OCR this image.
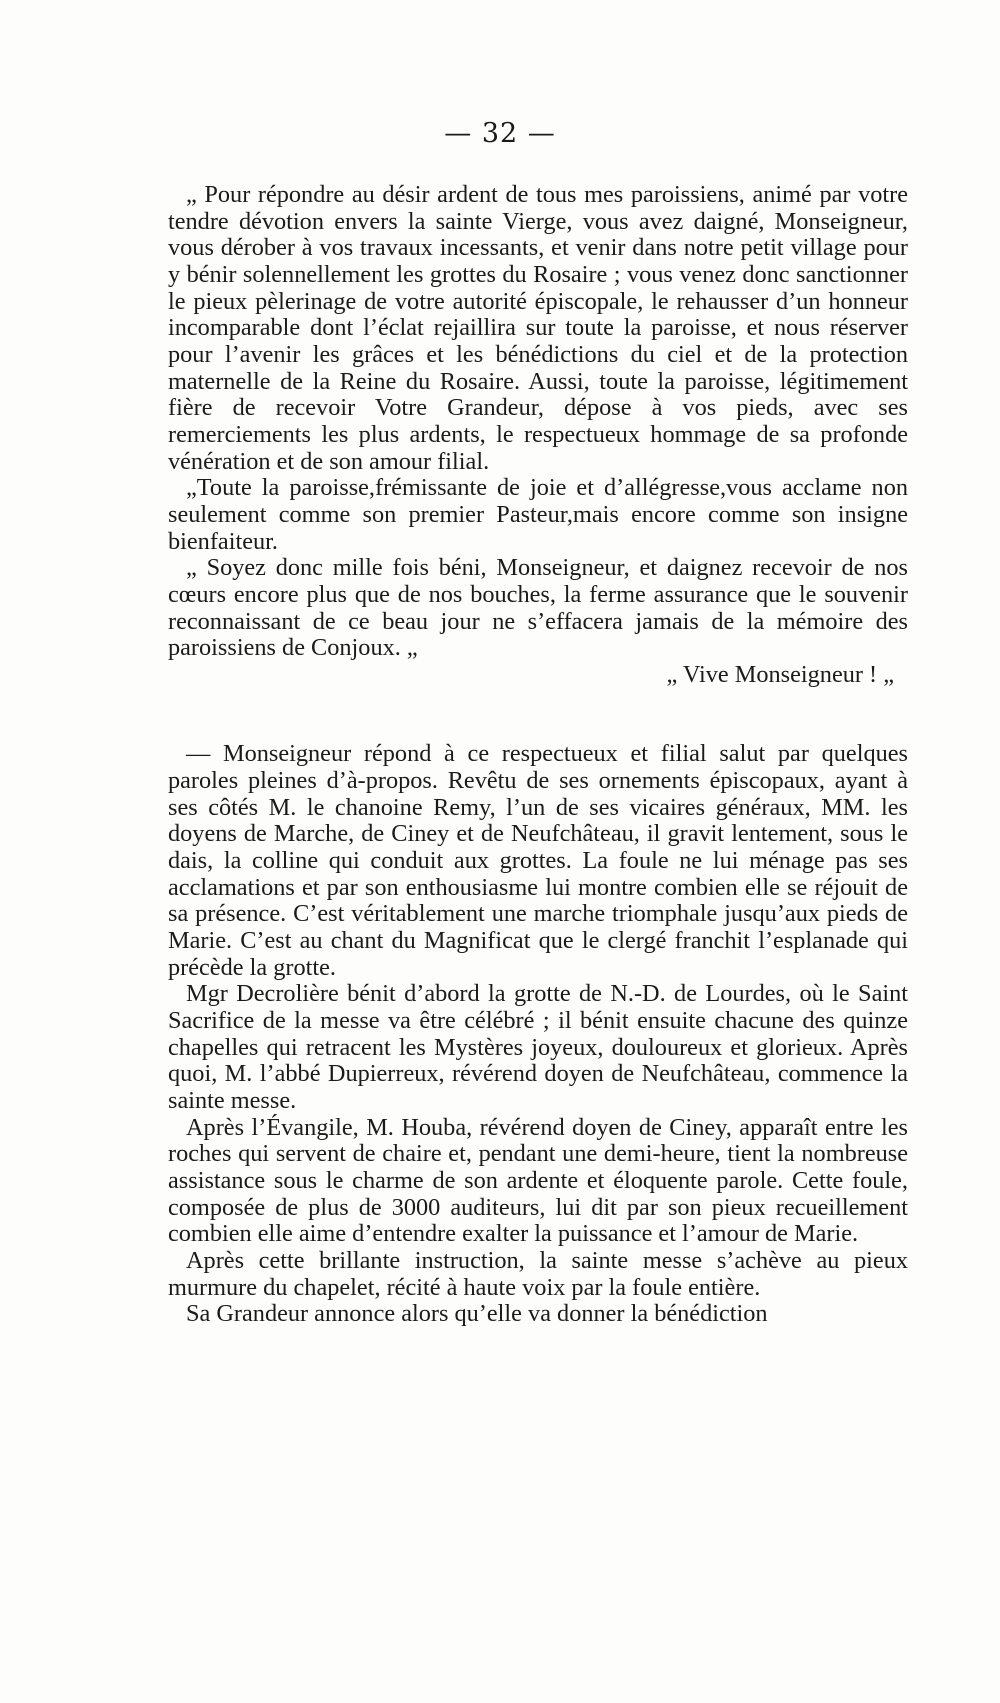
— 32 —

„ Pour répondre au désir ardent de tous mes paroissiens, animé par votre tendre dévotion envers la sainte Vierge, vous avez daigné, Monseigneur, vous dérober à vos travaux incessants, et venir dans notre petit village pour y bénir solennellement les grottes du Rosaire ; vous venez donc sanctionner le pieux pèlerinage de votre autorité épiscopale, le rehausser d’un honneur incomparable dont l’éclat rejaillira sur toute la paroisse, et nous réserver pour l’avenir les grâces et les bénédictions du ciel et de la protection maternelle de la Reine du Rosaire. Aussi, toute la paroisse, légitimement fière de recevoir Votre Grandeur, dépose à vos pieds, avec ses remerciements les plus ardents, le respectueux hommage de sa profonde vénération et de son amour filial.

„Toute la paroisse,frémissante de joie et d’allégresse,vous acclame non seulement comme son premier Pasteur,mais encore comme son insigne bienfaiteur.

„ Soyez donc mille fois béni, Monseigneur, et daignez recevoir de nos cœurs encore plus que de nos bouches, la ferme assurance que le souvenir reconnaissant de ce beau jour ne s’effacera jamais de la mémoire des paroissiens de Conjoux. „

„ Vive Monseigneur ! „

— Monseigneur répond à ce respectueux et filial salut par quelques paroles pleines d’à-propos. Revêtu de ses ornements épiscopaux, ayant à ses côtés M. le chanoine Remy, l’un de ses vicaires généraux, MM. les doyens de Marche, de Ciney et de Neufchâteau, il gravit lentement, sous le dais, la colline qui conduit aux grottes. La foule ne lui ménage pas ses acclamations et par son enthousiasme lui montre combien elle se réjouit de sa présence. C’est véritablement une marche triomphale jusqu’aux pieds de Marie. C’est au chant du Magnificat que le clergé franchit l’esplanade qui précède la grotte.

Mgr Decrolière bénit d’abord la grotte de N.-D. de Lourdes, où le Saint Sacrifice de la messe va être célébré ; il bénit ensuite chacune des quinze chapelles qui retracent les Mystères joyeux, douloureux et glorieux. Après quoi, M. l’abbé Dupierreux, révérend doyen de Neufchâteau, commence la sainte messe.

Après l’Évangile, M. Houba, révérend doyen de Ciney, apparaît entre les roches qui servent de chaire et, pendant une demi-heure, tient la nombreuse assistance sous le charme de son ardente et éloquente parole. Cette foule, composée de plus de 3000 auditeurs, lui dit par son pieux recueillement combien elle aime d’entendre exalter la puissance et l’amour de Marie.

Après cette brillante instruction, la sainte messe s’achève au pieux murmure du chapelet, récité à haute voix par la foule entière.

Sa Grandeur annonce alors qu’elle va donner la bénédiction
